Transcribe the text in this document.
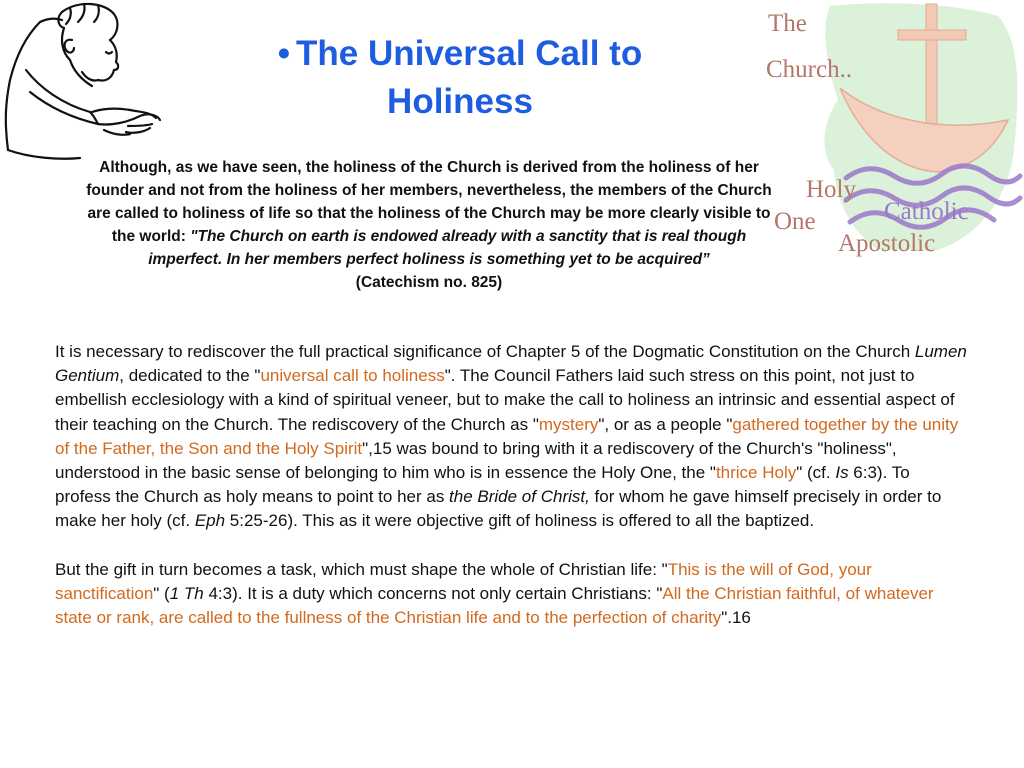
• The Universal Call to Holiness
Although, as we have seen, the holiness of the Church is derived from the holiness of her founder and not from the holiness of her members, nevertheless, the members of the Church are called to holiness of life so that the holiness of the Church may be more clearly visible to the world: "The Church on earth is endowed already with a sanctity that is real though imperfect. In her members perfect holiness is something yet to be acquired”
(Catechism no. 825)
The
Church..
Holy
One	Catholic
Apostolic

It is necessary to rediscover the full practical significance of Chapter 5 of the Dogmatic Constitution on the Church Lumen Gentium, dedicated to the "universal call to holiness". The Council Fathers laid such stress on this point, not just to embellish ecclesiology with a kind of spiritual veneer, but to make the call to holiness an intrinsic and essential aspect of their teaching on the Church. The rediscovery of the Church as "mystery", or as a people "gathered together by the unity of the Father, the Son and the Holy Spirit",15 was bound to bring with it a rediscovery of the Church's "holiness", understood in the basic sense of belonging to him who is in essence the Holy One, the "thrice Holy" (cf. Is 6:3). To profess the Church as holy means to point to her as the Bride of Christ, for whom he gave himself precisely in order to make her holy (cf. Eph 5:25-26). This as it were objective gift of holiness is offered to all the baptized.

But the gift in turn becomes a task, which must shape the whole of Christian life: "This is the will of God, your sanctification" (1 Th 4:3). It is a duty which concerns not only certain Christians: "All the Christian faithful, of whatever state or rank, are called to the fullness of the Christian life and to the perfection of charity".16
